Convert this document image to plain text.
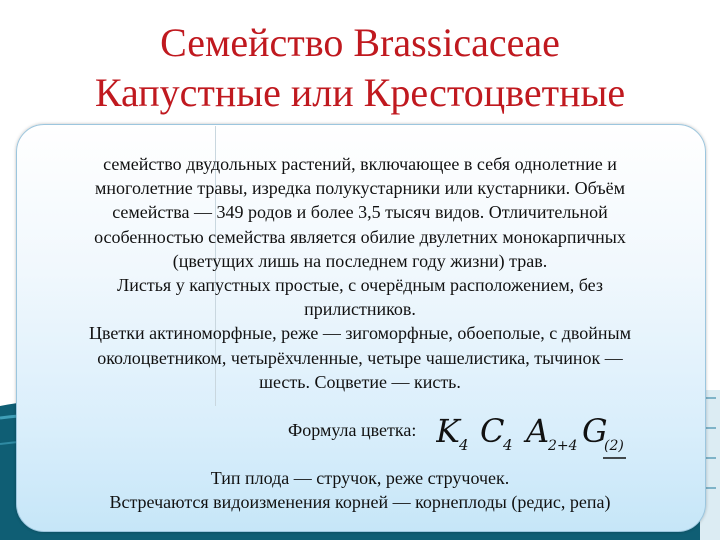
Семейство Brassicaceae
Капустные или Крестоцветные
семейство двудольных растений, включающее в себя однолетние и
многолетние травы, изредка полукустарники или кустарники. Объём
семейства — 349 родов и более 3,5 тысяч видов. Отличительной
особенностью семейства является обилие двулетних монокарпичных
(цветущих лишь на последнем году жизни) трав.
Листья у капустных простые, с очерёдным расположением, без
прилистников.
Цветки актиноморфные, реже — зигоморфные, обоеполые, с двойным
околоцветником, четырёхчленные, четыре чашелистика, тычинок —
шесть. Соцветие — кисть.
Формула цветка: K 4 C
4 A
2+4 G
(2)
Тип плода — стручок, реже стручочек.
Встречаются видоизменения корней — корнеплоды (редис, репа)
